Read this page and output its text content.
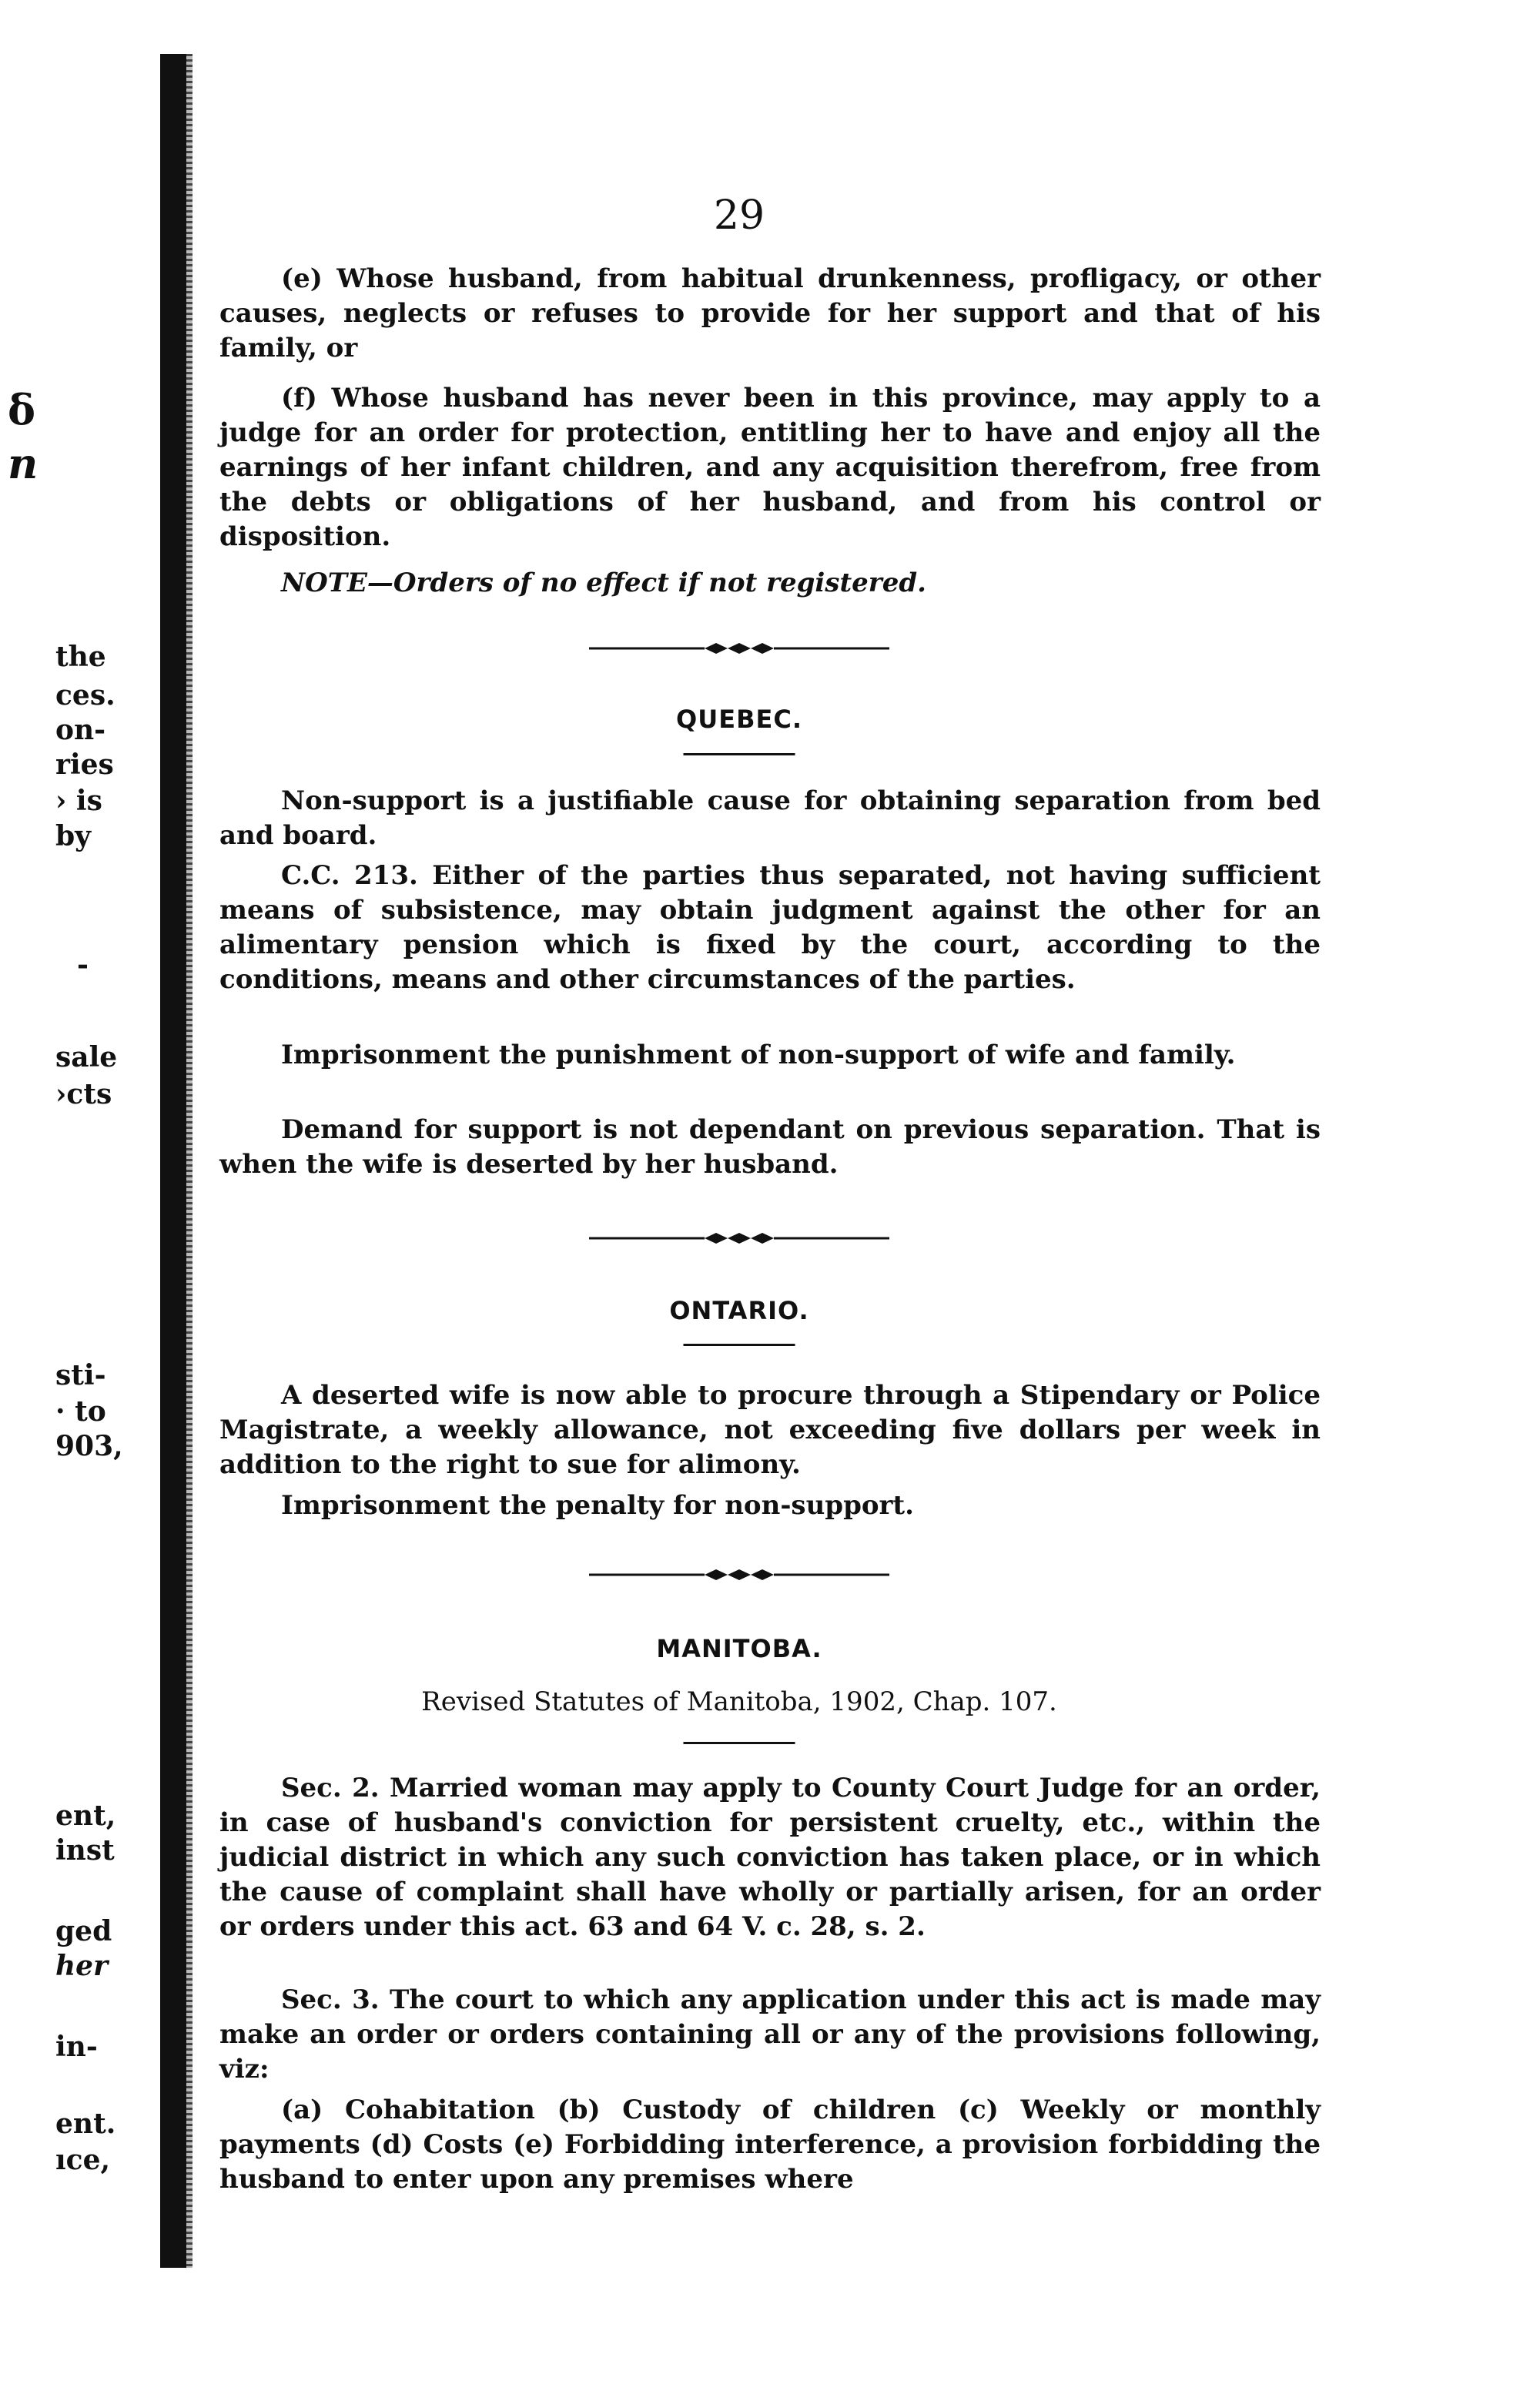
δ
n
the
ces.
on-
ries
› is
by
-
sale
›cts
sti-
· to
903,
ent,
inst
ged
her
in-
ent.
ıce,
29

(e) Whose husband, from habitual drunkenness, profligacy, or other causes, neglects or refuses to provide for her support and that of his family, or

(f) Whose husband has never been in this province, may apply to a judge for an order for protection, entitling her to have and enjoy all the earnings of her infant children, and any acquisition therefrom, free from the debts or obligations of her husband, and from his control or disposition.

NOTE—Orders of no effect if not registered.

QUEBEC.

Non-support is a justifiable cause for obtaining separation from bed and board.

C.C. 213. Either of the parties thus separated, not having sufficient means of subsistence, may obtain judgment against the other for an alimentary pension which is fixed by the court, according to the conditions, means and other circumstances of the parties.

Imprisonment the punishment of non-support of wife and family.

Demand for support is not dependant on previous separation. That is when the wife is deserted by her husband.

ONTARIO.

A deserted wife is now able to procure through a Stipendary or Police Magistrate, a weekly allowance, not exceeding five dollars per week in addition to the right to sue for alimony.

Imprisonment the penalty for non-support.

MANITOBA.
Revised Statutes of Manitoba, 1902, Chap. 107.

Sec. 2. Married woman may apply to County Court Judge for an order, in case of husband's conviction for persistent cruelty, etc., within the judicial district in which any such conviction has taken place, or in which the cause of complaint shall have wholly or partially arisen, for an order or orders under this act. 63 and 64 V. c. 28, s. 2.

Sec. 3. The court to which any application under this act is made may make an order or orders containing all or any of the provisions following, viz:

(a) Cohabitation (b) Custody of children (c) Weekly or monthly payments (d) Costs (e) Forbidding interference, a provision forbidding the husband to enter upon any premises where
